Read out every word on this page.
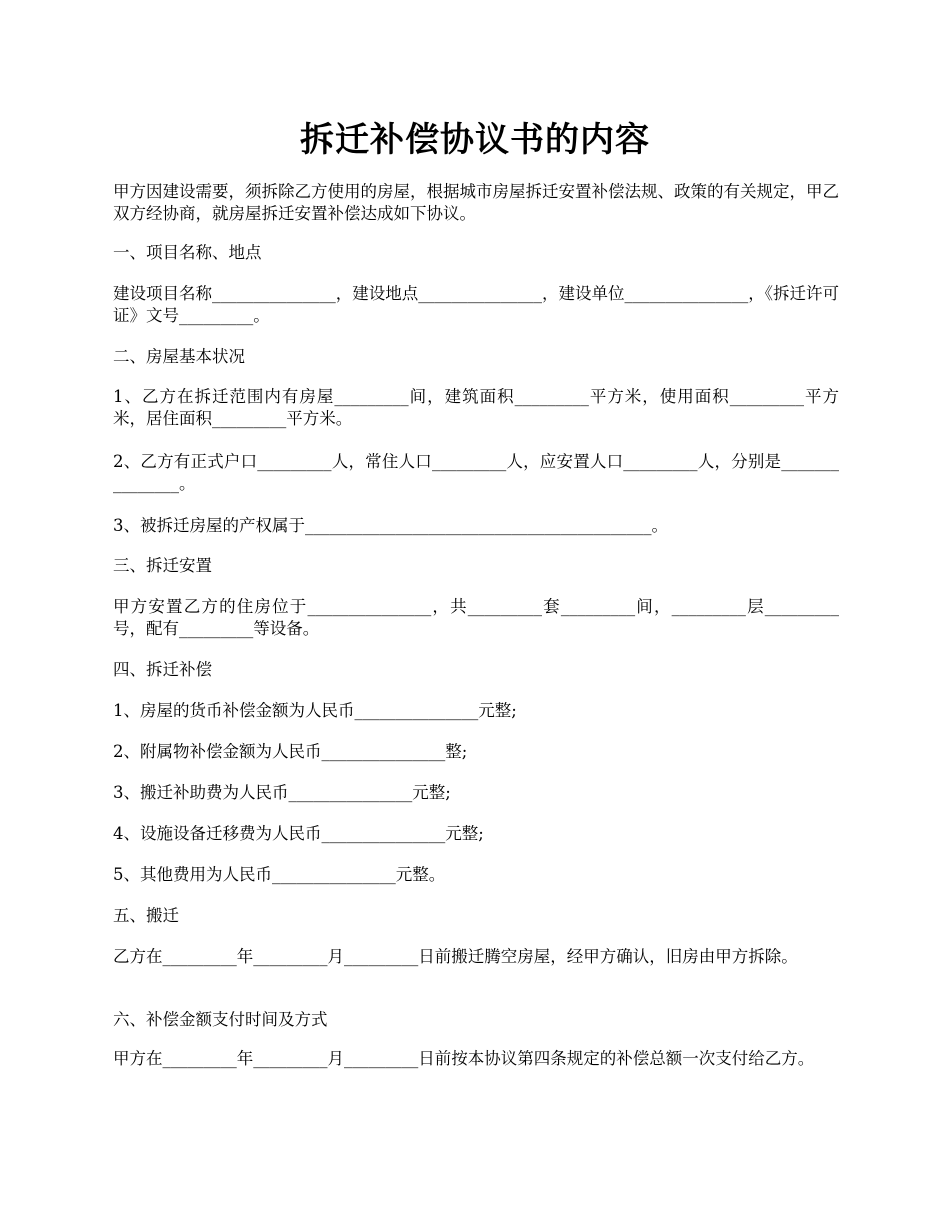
拆迁补偿协议书的内容

甲方因建设需要，须拆除乙方使用的房屋，根据城市房屋拆迁安置补偿法规、政策的有关规定，甲乙双方经协商，就房屋拆迁安置补偿达成如下协议。

一、项目名称、地点

建设项目名称_______________，建设地点_______________，建设单位_______________，《拆迁许可证》文号_________。

二、房屋基本状况

1、乙方在拆迁范围内有房屋_________间，建筑面积_________平方米，使用面积_________平方米，居住面积_________平方米。

2、乙方有正式户口_________人，常住人口_________人，应安置人口_________人，分别是_______________。

3、被拆迁房屋的产权属于__________________________________________。

三、拆迁安置

甲方安置乙方的住房位于_______________，共_________套_________间，_________层_________号，配有_________等设备。

四、拆迁补偿

1、房屋的货币补偿金额为人民币_______________元整;

2、附属物补偿金额为人民币_______________整;

3、搬迁补助费为人民币_______________元整;

4、设施设备迁移费为人民币_______________元整;

5、其他费用为人民币_______________元整。

五、搬迁

乙方在_________年_________月_________日前搬迁腾空房屋，经甲方确认，旧房由甲方拆除。

六、补偿金额支付时间及方式

甲方在_________年_________月_________日前按本协议第四条规定的补偿总额一次支付给乙方。
